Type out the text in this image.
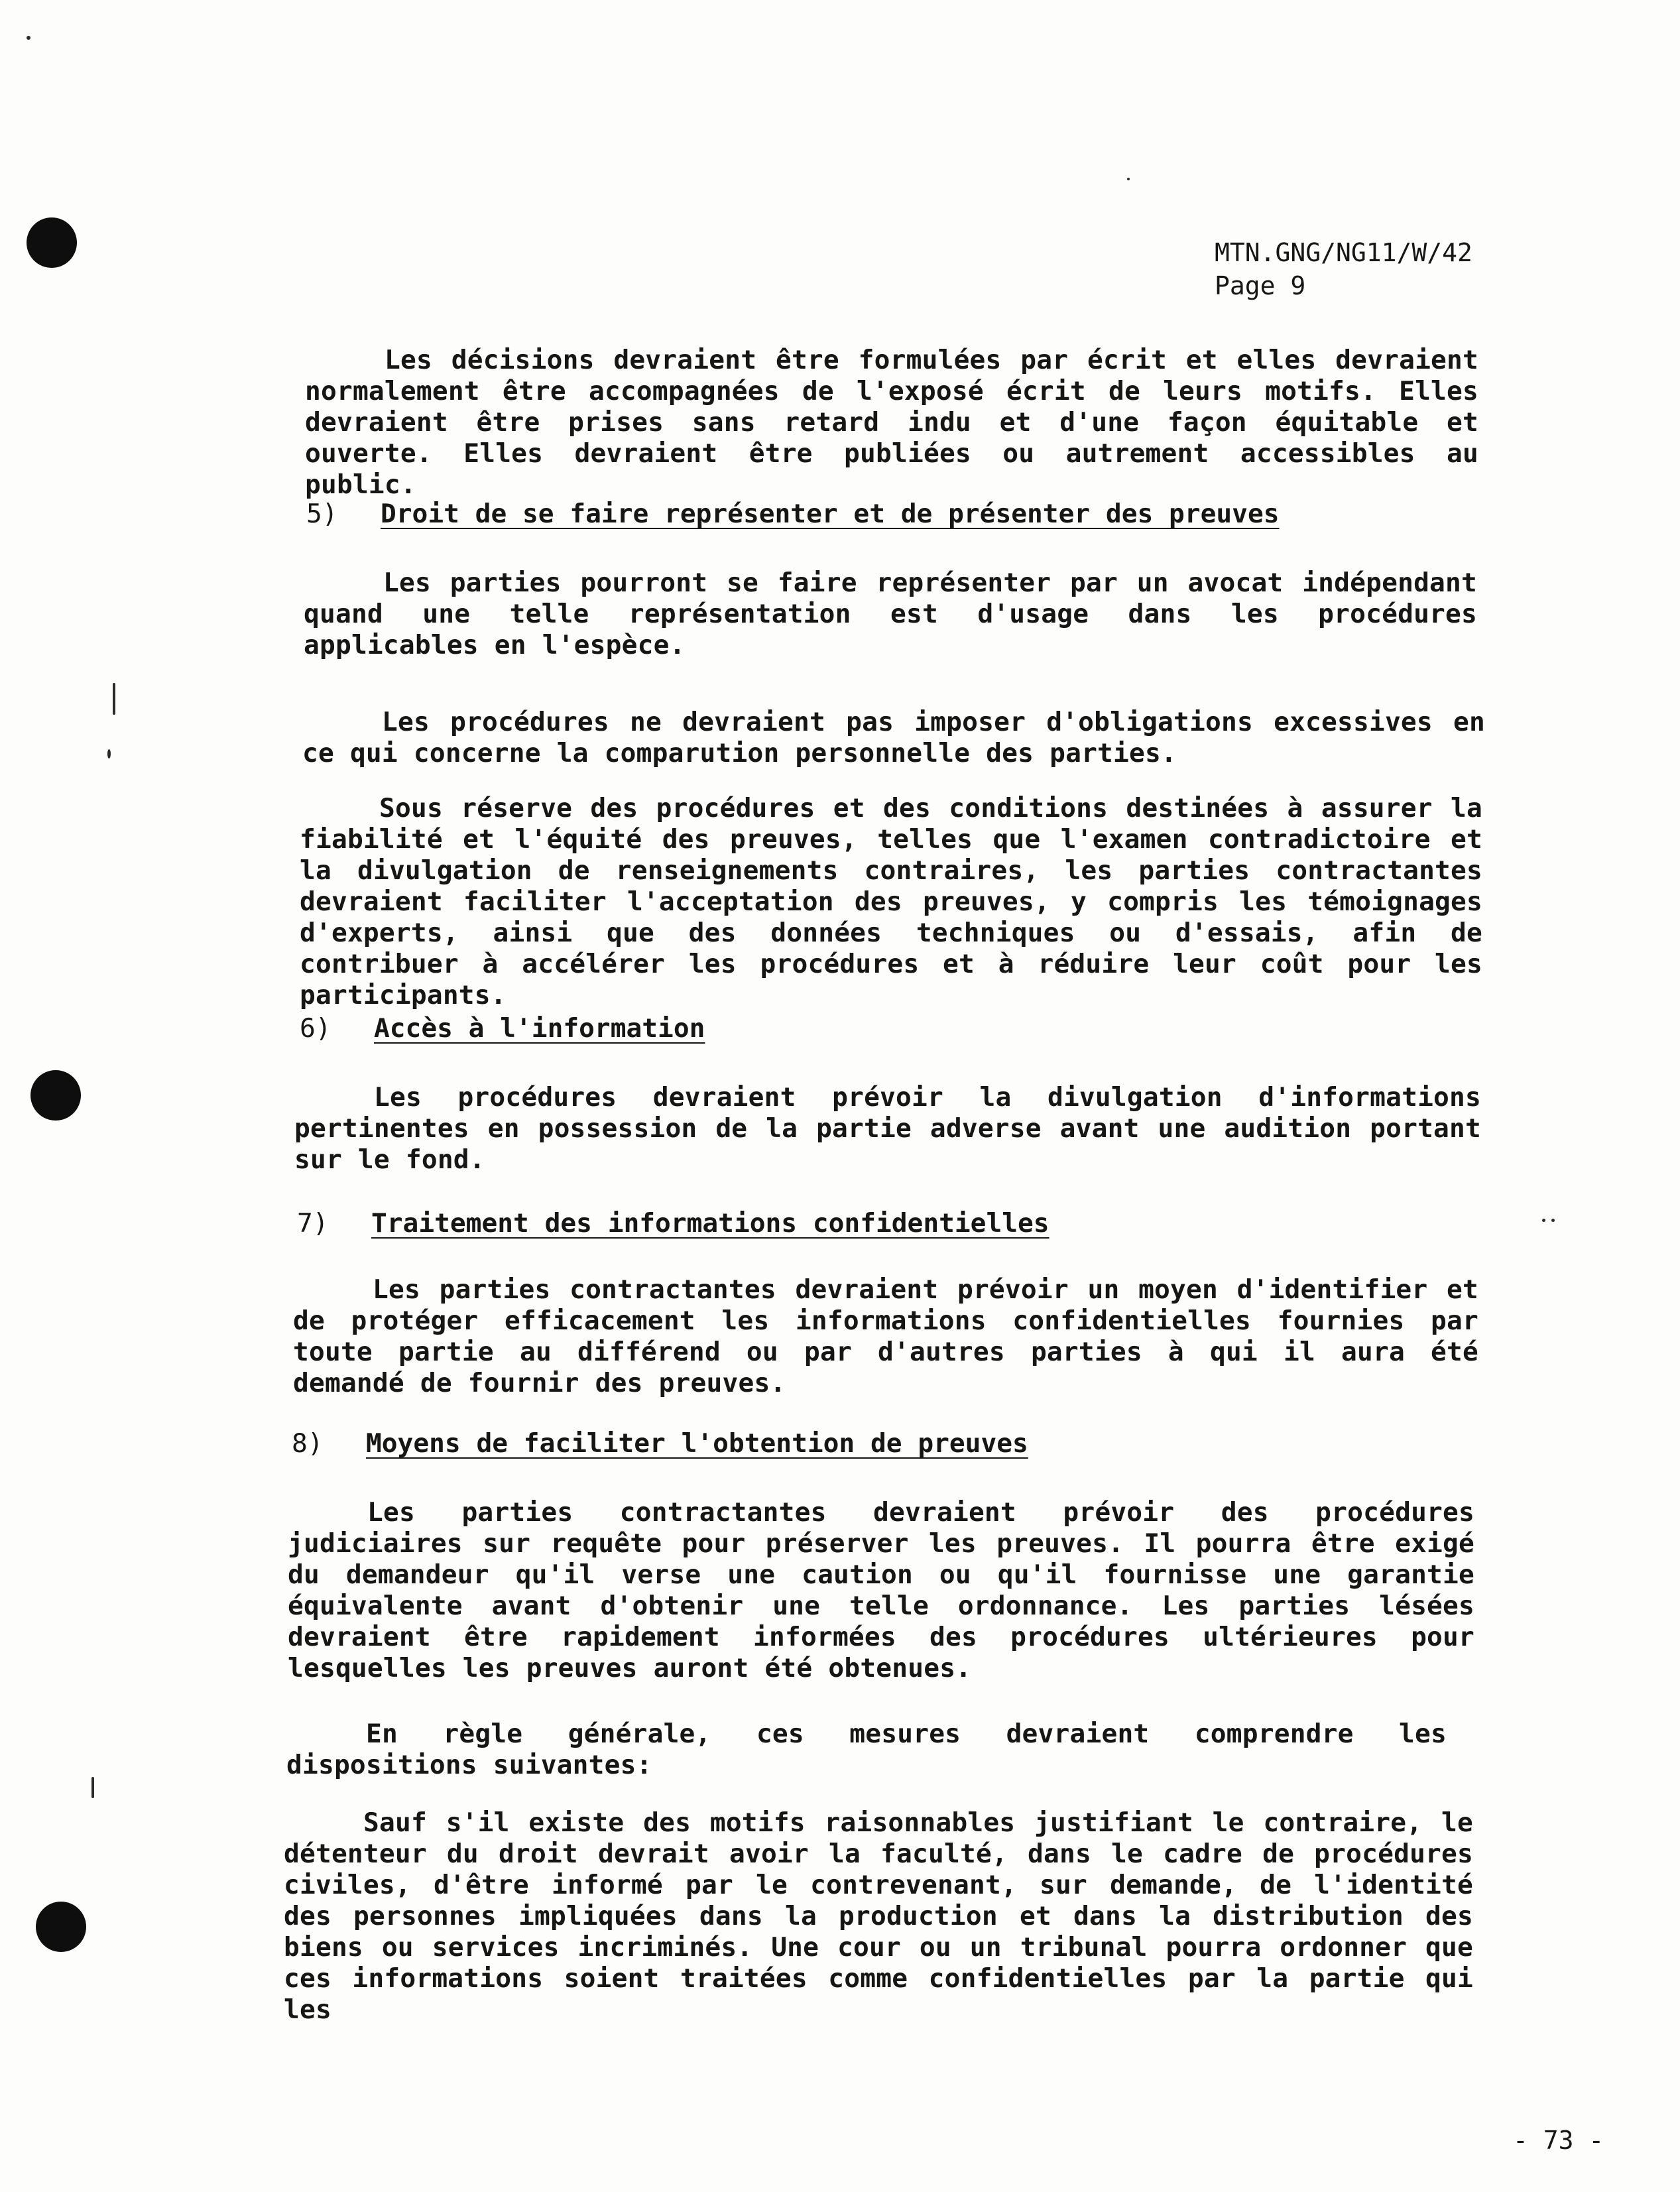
MTN.GNG/NG11/W/42
Page 9

Les décisions devraient être formulées par écrit et elles devraient normalement être accompagnées de l'exposé écrit de leurs motifs. Elles devraient être prises sans retard indu et d'une façon équitable et ouverte. Elles devraient être publiées ou autrement accessibles au public.

5) Droit de se faire représenter et de présenter des preuves

Les parties pourront se faire représenter par un avocat indépendant quand une telle représentation est d'usage dans les procédures applicables en l'espèce.

Les procédures ne devraient pas imposer d'obligations excessives en ce qui concerne la comparution personnelle des parties.

Sous réserve des procédures et des conditions destinées à assurer la fiabilité et l'équité des preuves, telles que l'examen contradictoire et la divulgation de renseignements contraires, les parties contractantes devraient faciliter l'acceptation des preuves, y compris les témoignages d'experts, ainsi que des données techniques ou d'essais, afin de contribuer à accélérer les procédures et à réduire leur coût pour les participants.

6) Accès à l'information

Les procédures devraient prévoir la divulgation d'informations pertinentes en possession de la partie adverse avant une audition portant sur le fond.

7) Traitement des informations confidentielles

Les parties contractantes devraient prévoir un moyen d'identifier et de protéger efficacement les informations confidentielles fournies par toute partie au différend ou par d'autres parties à qui il aura été demandé de fournir des preuves.

8) Moyens de faciliter l'obtention de preuves

Les parties contractantes devraient prévoir des procédures judiciaires sur requête pour préserver les preuves. Il pourra être exigé du demandeur qu'il verse une caution ou qu'il fournisse une garantie équivalente avant d'obtenir une telle ordonnance. Les parties lésées devraient être rapidement informées des procédures ultérieures pour lesquelles les preuves auront été obtenues.

En règle générale, ces mesures devraient comprendre les dispositions suivantes:

Sauf s'il existe des motifs raisonnables justifiant le contraire, le détenteur du droit devrait avoir la faculté, dans le cadre de procédures civiles, d'être informé par le contrevenant, sur demande, de l'identité des personnes impliquées dans la production et dans la distribution des biens ou services incriminés. Une cour ou un tribunal pourra ordonner que ces informations soient traitées comme confidentielles par la partie qui les

- 73 -
